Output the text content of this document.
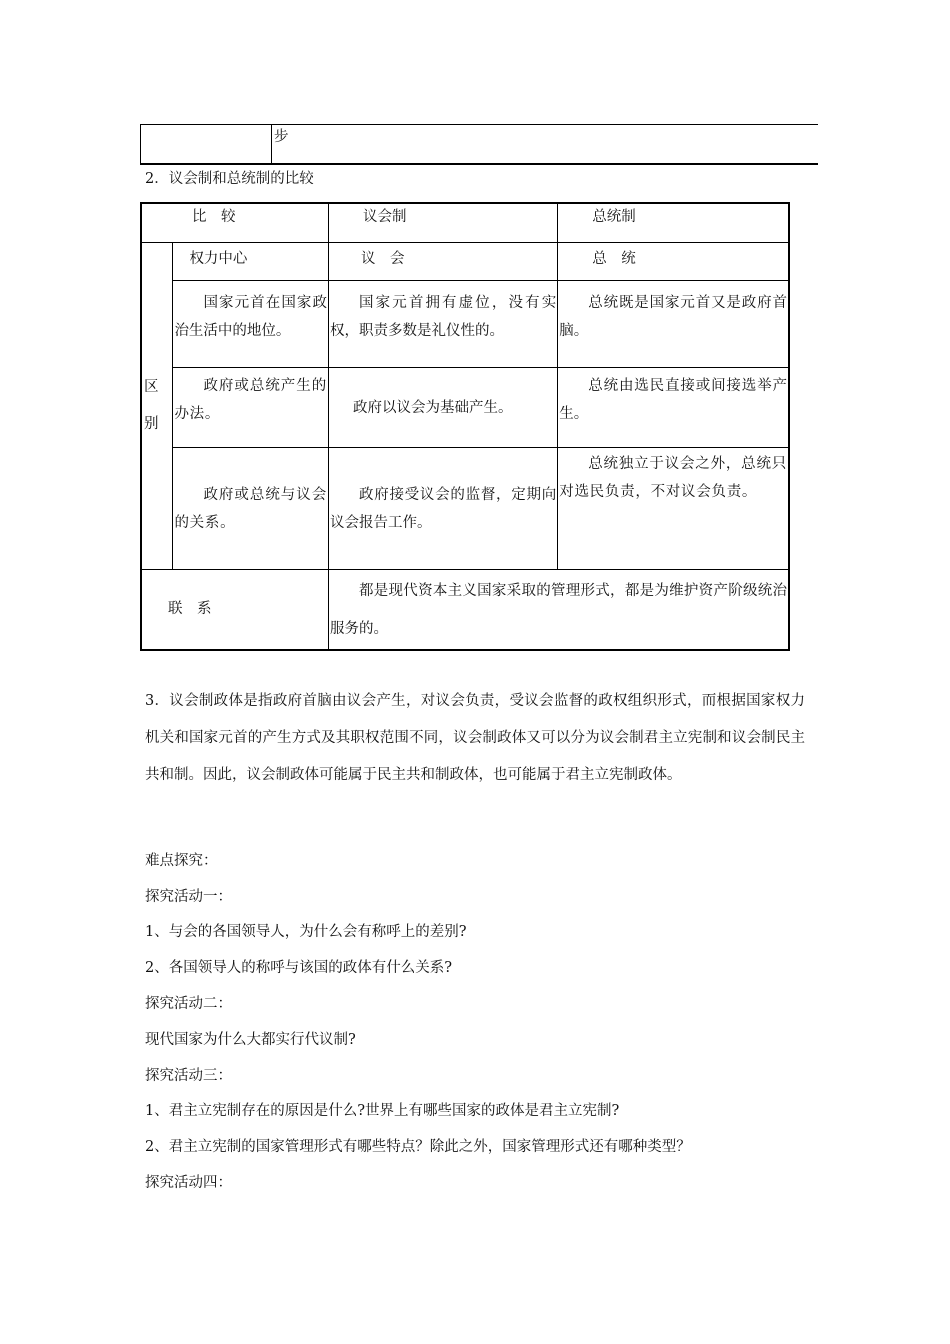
	步

2．议会制和总统制的比较

比　较		议会制	总统制
区别	权力中心	议　会	总　统
	国家元首在国家政治生活中的地位。	国家元首拥有虚位，没有实权，职责多数是礼仪性的。	总统既是国家元首又是政府首脑。
	政府或总统产生的办法。	政府以议会为基础产生。	总统由选民直接或间接选举产生。
	政府或总统与议会的关系。	政府接受议会的监督，定期向议会报告工作。	总统独立于议会之外，总统只对选民负责，不对议会负责。
联　系		都是现代资本主义国家采取的管理形式，都是为维护资产阶级统治服务的。	

3．议会制政体是指政府首脑由议会产生，对议会负责，受议会监督的政权组织形式，而根据国家权力机关和国家元首的产生方式及其职权范围不同，议会制政体又可以分为议会制君主立宪制和议会制民主共和制。因此，议会制政体可能属于民主共和制政体，也可能属于君主立宪制政体。

难点探究：

探究活动一：

1、与会的各国领导人，为什么会有称呼上的差别?

2、各国领导人的称呼与该国的政体有什么关系?

探究活动二：

现代国家为什么大都实行代议制?

探究活动三：

1、君主立宪制存在的原因是什么?世界上有哪些国家的政体是君主立宪制?

2、君主立宪制的国家管理形式有哪些特点？除此之外，国家管理形式还有哪种类型？

探究活动四：
